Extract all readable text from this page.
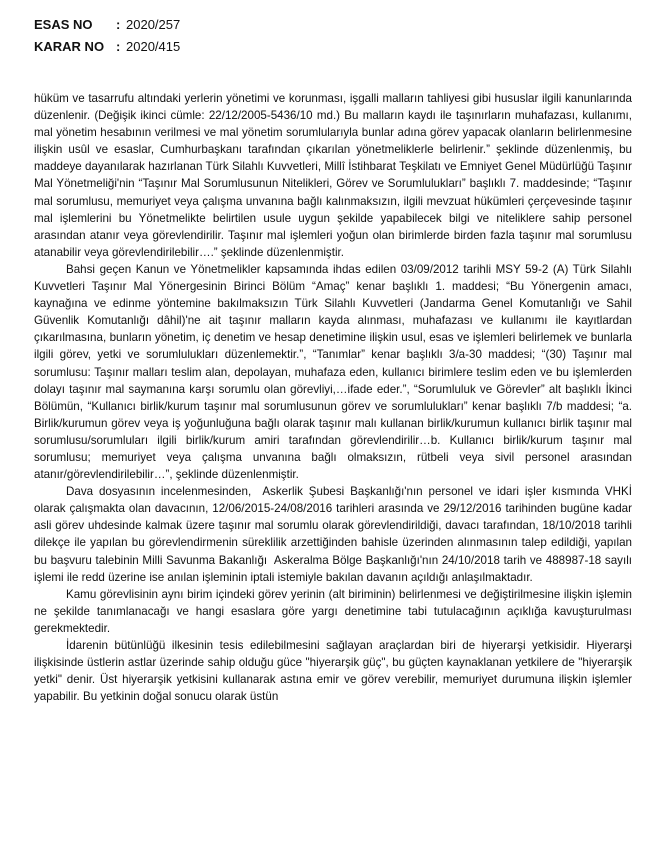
ESAS NO	: 2020/257
KARAR NO : 2020/415

hüküm ve tasarrufu altındaki yerlerin yönetimi ve korunması, işgalli malların tahliyesi gibi hususlar ilgili kanunlarında düzenlenir. (Değişik ikinci cümle: 22/12/2005-5436/10 md.) Bu malların kaydı ile taşınırların muhafazası, kullanımı, mal yönetim hesabının verilmesi ve mal yönetim sorumlularıyla bunlar adına görev yapacak olanların belirlenmesine ilişkin usûl ve esaslar, Cumhurbaşkanı tarafından çıkarılan yönetmeliklerle belirlenir.” şeklinde düzenlenmiş, bu maddeye dayanılarak hazırlanan Türk Silahlı Kuvvetleri, Millî İstihbarat Teşkilatı ve Emniyet Genel Müdürlüğü Taşınır Mal Yönetmeliği'nin “Taşınır Mal Sorumlusunun Nitelikleri, Görev ve Sorumlulukları” başlıklı 7. maddesinde; “Taşınır mal sorumlusu, memuriyet veya çalışma unvanına bağlı kalınmaksızın, ilgili mevzuat hükümleri çerçevesinde taşınır mal işlemlerini bu Yönetmelikte belirtilen usule uygun şekilde yapabilecek bilgi ve niteliklere sahip personel arasından atanır veya görevlendirilir. Taşınır mal işlemleri yoğun olan birimlerde birden fazla taşınır mal sorumlusu atanabilir veya görevlendirilebilir….” şeklinde düzenlenmiştir.

Bahsi geçen Kanun ve Yönetmelikler kapsamında ihdas edilen 03/09/2012 tarihli MSY 59-2 (A) Türk Silahlı Kuvvetleri Taşınır Mal Yönergesinin Birinci Bölüm “Amaç” kenar başlıklı 1. maddesi; “Bu Yönergenin amacı, kaynağına ve edinme yöntemine bakılmaksızın Türk Silahlı Kuvvetleri (Jandarma Genel Komutanlığı ve Sahil Güvenlik Komutanlığı dâhil)'ne ait taşınır malların kayda alınması, muhafazası ve kullanımı ile kayıtlardan çıkarılmasına, bunların yönetim, iç denetim ve hesap denetimine ilişkin usul, esas ve işlemleri belirlemek ve bunlarla ilgili görev, yetki ve sorumlulukları düzenlemektir.”, “Tanımlar” kenar başlıklı 3/a-30 maddesi; “(30) Taşınır mal sorumlusu: Taşınır malları teslim alan, depolayan, muhafaza eden, kullanıcı birimlere teslim eden ve bu işlemlerden dolayı taşınır mal saymanına karşı sorumlu olan görevliyi,…ifade eder.”, “Sorumluluk ve Görevler” alt başlıklı İkinci Bölümün, “Kullanıcı birlik/kurum taşınır mal sorumlusunun görev ve sorumlulukları” kenar başlıklı 7/b maddesi; “a. Birlik/kurumun görev veya iş yoğunluğuna bağlı olarak taşınır malı kullanan birlik/kurumun kullanıcı birlik taşınır mal sorumlusu/sorumluları ilgili birlik/kurum amiri tarafından görevlendirilir…b. Kullanıcı birlik/kurum taşınır mal sorumlusu; memuriyet veya çalışma unvanına bağlı olmaksızın, rütbeli veya sivil personel arasından atanır/görevlendirilebilir…”, şeklinde düzenlenmiştir.

Dava dosyasının incelenmesinden, ⁠⁠⁠⁠⁠⁠⁠⁠⁠ Askerlik Şubesi Başkanlığı'nın personel ve idari işler kısmında VHKİ olarak çalışmakta olan davacının, 12/06/2015-24/08/2016 tarihleri arasında ve 29/12/2016 tarihinden bugüne kadar asli görev uhdesinde kalmak üzere taşınır mal sorumlu olarak görevlendirildiği, davacı tarafından, 18/10/2018 tarihli dilekçe ile yapılan bu görevlendirmenin süreklilik arzettiğinden bahisle üzerinden alınmasının talep edildiği, yapılan bu başvuru talebinin Milli Savunma Bakanlığı ⁠⁠⁠⁠⁠⁠⁠⁠⁠ Askeralma Bölge Başkanlığı'nın 24/10/2018 tarih ve 488987-18 sayılı işlemi ile redd üzerine ise anılan işleminin iptali istemiyle bakılan davanın açıldığı anlaşılmaktadır.

Kamu görevlisinin aynı birim içindeki görev yerinin (alt biriminin) belirlenmesi ve değiştirilmesine ilişkin işlemin ne şekilde tanımlanacağı ve hangi esaslara göre yargı denetimine tabi tutulacağının açıklığa kavuşturulması gerekmektedir.

İdarenin bütünlüğü ilkesinin tesis edilebilmesini sağlayan araçlardan biri de hiyerarşi yetkisidir. Hiyerarşi ilişkisinde üstlerin astlar üzerinde sahip olduğu güce "hiyerarşik güç", bu güçten kaynaklanan yetkilere de "hiyerarşik yetki" denir. Üst hiyerarşik yetkisini kullanarak astına emir ve görev verebilir, memuriyet durumuna ilişkin işlemler yapabilir. Bu yetkinin doğal sonucu olarak üstün
